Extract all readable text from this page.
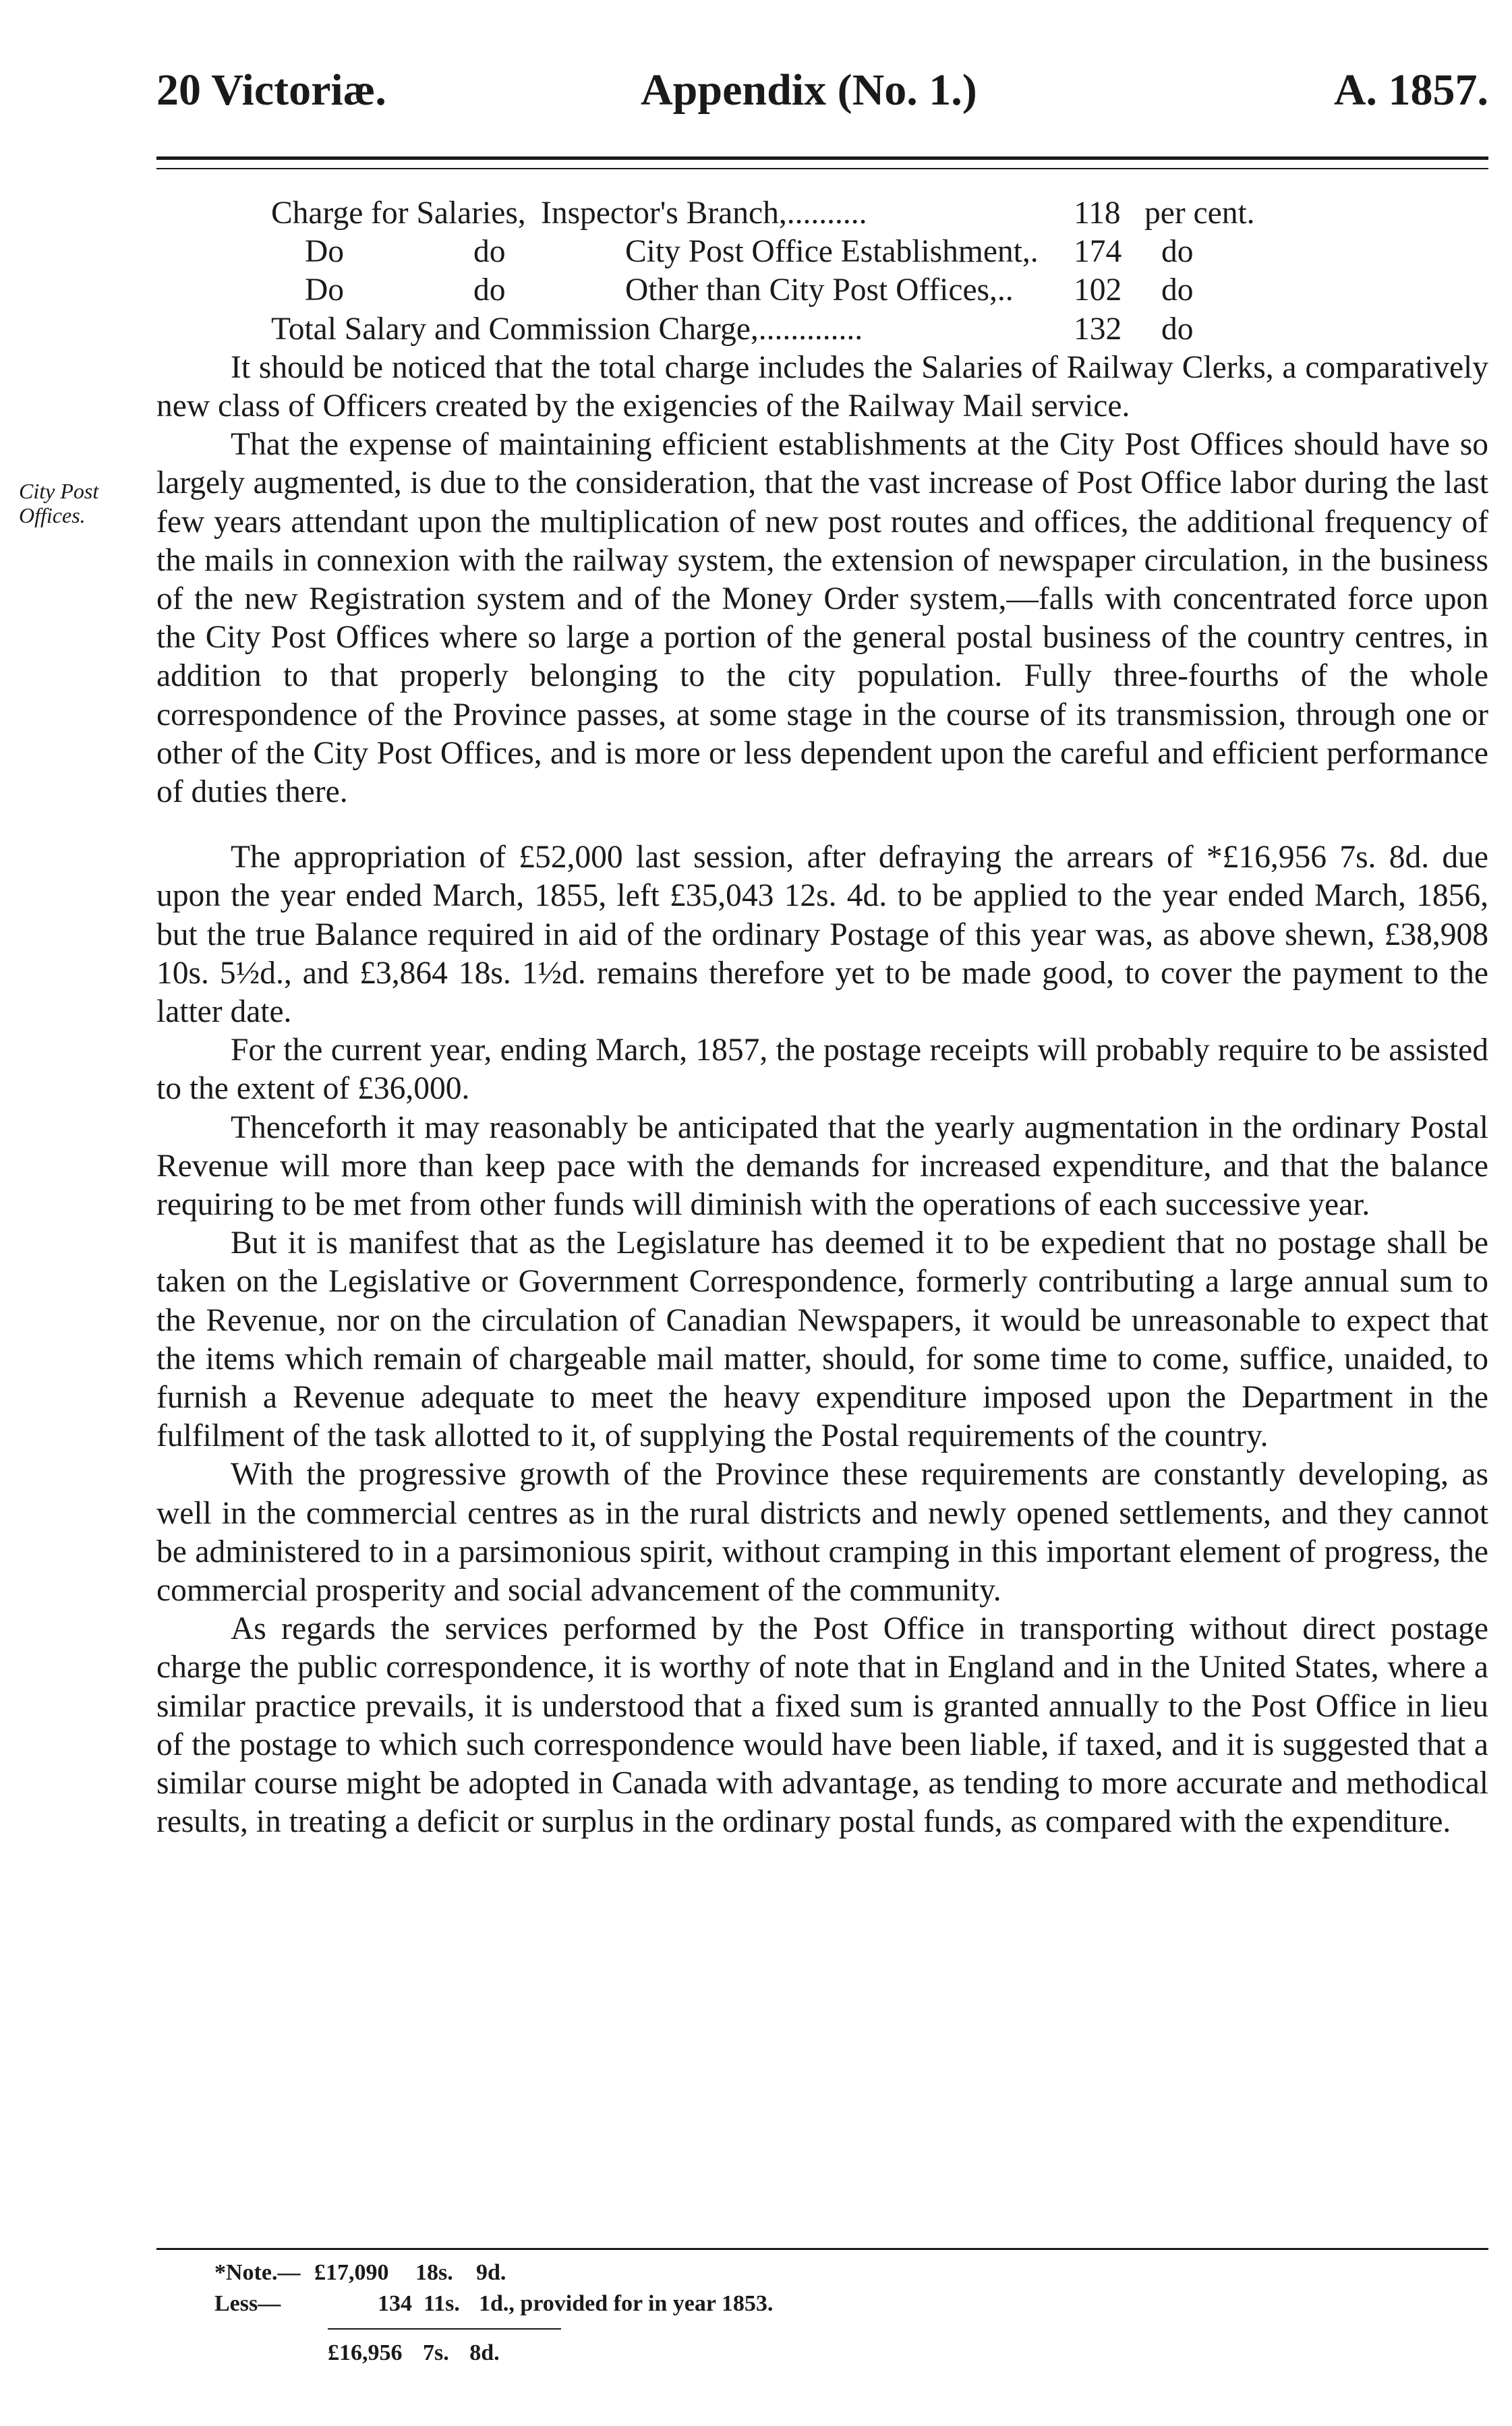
20 Victoriæ.	Appendix (No. 1.)	A. 1857.
City Post Offices.
Charge for Salaries, Inspector's Branch,..........	118 per cent.
Do	do	City Post Office Establishment,. 174 do
Do	do	Other than City Post Offices,.. 102 do
Total Salary and Commission Charge,.............	132 do

It should be noticed that the total charge includes the Salaries of Railway Clerks, a comparatively new class of Officers created by the exigencies of the Railway Mail service.

That the expense of maintaining efficient establishments at the City Post Offices should have so largely augmented, is due to the consideration, that the vast increase of Post Office labor during the last few years attendant upon the multiplication of new post routes and offices, the additional frequency of the mails in connexion with the railway system, the extension of newspaper circulation, in the business of the new Registration system and of the Money Order system,—falls with concentrated force upon the City Post Offices where so large a portion of the general postal business of the country centres, in addition to that properly belonging to the city population. Fully three-fourths of the whole correspondence of the Province passes, at some stage in the course of its transmission, through one or other of the City Post Offices, and is more or less dependent upon the careful and efficient performance of duties there.

The appropriation of £52,000 last session, after defraying the arrears of *£16,956 7s. 8d. due upon the year ended March, 1855, left £35,043 12s. 4d. to be applied to the year ended March, 1856, but the true Balance required in aid of the ordinary Postage of this year was, as above shewn, £38,908 10s. 5½d., and £3,864 18s. 1½d. remains therefore yet to be made good, to cover the payment to the latter date.

For the current year, ending March, 1857, the postage receipts will probably require to be assisted to the extent of £36,000.

Thenceforth it may reasonably be anticipated that the yearly augmentation in the ordinary Postal Revenue will more than keep pace with the demands for increased expenditure, and that the balance requiring to be met from other funds will diminish with the operations of each successive year.

But it is manifest that as the Legislature has deemed it to be expedient that no postage shall be taken on the Legislative or Government Correspondence, formerly contributing a large annual sum to the Revenue, nor on the circulation of Canadian Newspapers, it would be unreasonable to expect that the items which remain of chargeable mail matter, should, for some time to come, suffice, unaided, to furnish a Revenue adequate to meet the heavy expenditure imposed upon the Department in the fulfilment of the task allotted to it, of supplying the Postal requirements of the country.

With the progressive growth of the Province these requirements are constantly developing, as well in the commercial centres as in the rural districts and newly opened settlements, and they cannot be administered to in a parsimonious spirit, without cramping in this important element of progress, the commercial prosperity and social advancement of the community.

As regards the services performed by the Post Office in transporting without direct postage charge the public correspondence, it is worthy of note that in England and in the United States, where a similar practice prevails, it is understood that a fixed sum is granted annually to the Post Office in lieu of the postage to which such correspondence would have been liable, if taxed, and it is suggested that a similar course might be adopted in Canada with advantage, as tending to more accurate and methodical results, in treating a deficit or surplus in the ordinary postal funds, as compared with the expenditure.

*Note.— £17,090 18s. 9d.
Less—	134 11s. 1d., provided for in year 1853.
£16,956 7s. 8d.
